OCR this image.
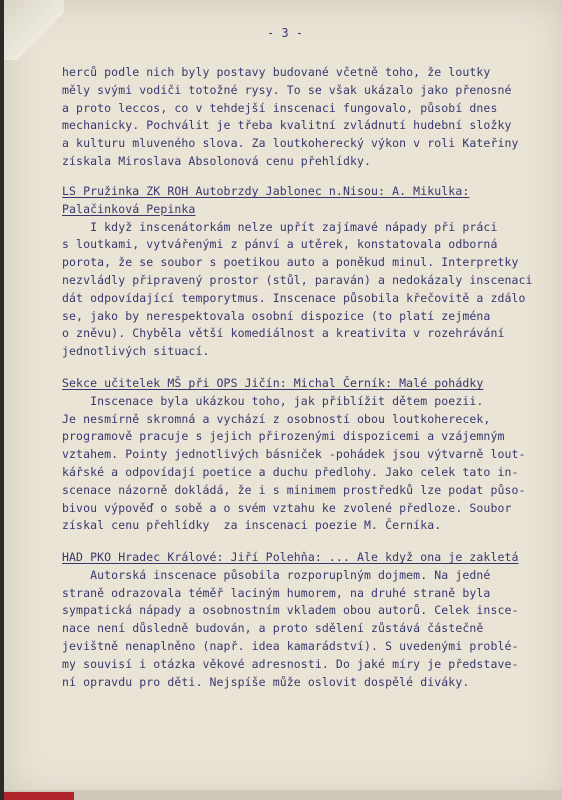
- 3 -
herců podle nich byly postavy budované včetně toho, že loutky
měly svými vodiči totožné rysy. To se však ukázalo jako přenosné
a proto leccos, co v tehdejší inscenaci fungovalo, působí dnes
mechanicky. Pochválit je třeba kvalitní zvládnutí hudební složky
a kulturu mluveného slova. Za loutkoherecký výkon v roli Kateřiny
získala Miroslava Absolonová cenu přehlídky.
LS Pružinka ZK ROH Autobrzdy Jablonec n.Nisou: A. Mikulka:
Palačinková Pepinka
I když inscenátorkám nelze upřít zajímavé nápady při práci
s loutkami, vytvářenými z pánví a utěrek, konstatovala odborná
porota, že se soubor s poetikou auto a poněkud minul. Interpretky
nezvládly připravený prostor (stůl, paraván) a nedokázaly inscenaci
dát odpovídající temporytmus. Inscenace působila křečovitě a zdálo
se, jako by nerespektovala osobní dispozice (to platí zejména
o zněvu). Chyběla větší komediálnost a kreativita v rozehrávání
jednotlivých situací.
Sekce učitelek MŠ při OPS Jičín: Michal Černík: Malé pohádky
Inscenace byla ukázkou toho, jak přiblížit dětem poezii.
Je nesmírně skromná a vychází z osobností obou loutkoherecek,
programově pracuje s jejich přirozenými dispozicemi a vzájemným
vztahem. Pointy jednotlivých básniček -pohádek jsou výtvarně lout-
kářské a odpovídají poetice a duchu předlohy. Jako celek tato in-
scenace názorně dokládá, že i s minimem prostředků lze podat půso-
bivou výpověď o sobě a o svém vztahu ke zvolené předloze. Soubor
získal cenu přehlídky  za inscenaci poezie M. Černíka.
HAD PKO Hradec Králové: Jiří Polehňa: ... Ale když ona je zakletá
Autorská inscenace působila rozporuplným dojmem. Na jedné
straně odrazovala téměř laciným humorem, na druhé straně byla
sympatická nápady a osobnostním vkladem obou autorů. Celek insce-
nace není důsledně budován, a proto sdělení zůstává částečně
jevištně nenaplněno (např. idea kamarádství). S uvedenými problé-
my souvisí i otázka věkové adresnosti. Do jaké míry je představe-
ní opravdu pro děti. Nejspíše může oslovit dospělé diváky.
